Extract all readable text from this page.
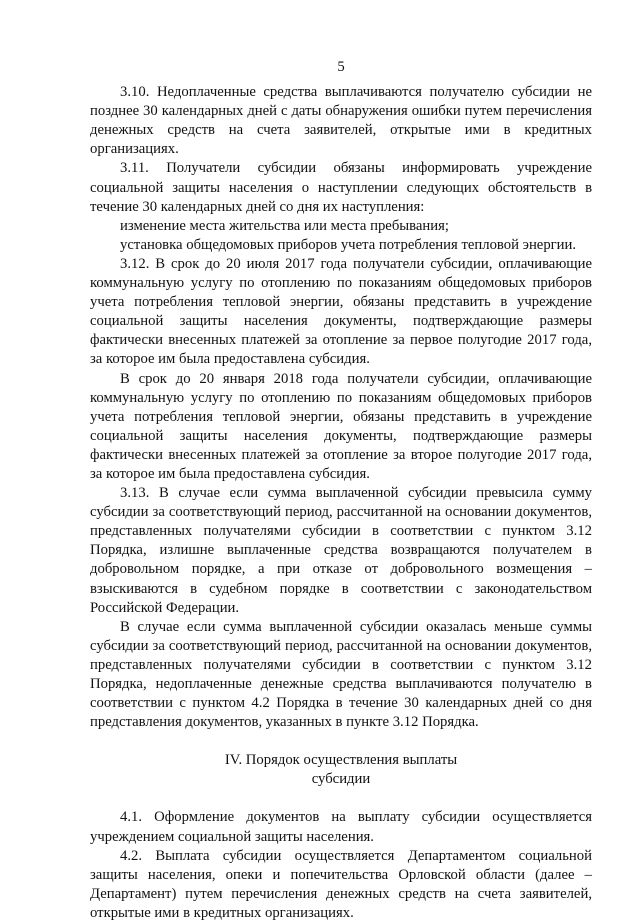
5

3.10. Недоплаченные средства выплачиваются получателю субсидии не позднее 30 календарных дней с даты обнаружения ошибки путем перечисления денежных средств на счета заявителей, открытые ими в кредитных организациях.

3.11. Получатели субсидии обязаны информировать учреждение социальной защиты населения о наступлении следующих обстоятельств в течение 30 календарных дней со дня их наступления:

изменение места жительства или места пребывания;

установка общедомовых приборов учета потребления тепловой энергии.

3.12. В срок до 20 июля 2017 года получатели субсидии, оплачивающие коммунальную услугу по отоплению по показаниям общедомовых приборов учета потребления тепловой энергии, обязаны представить в учреждение социальной защиты населения документы, подтверждающие размеры фактически внесенных платежей за отопление за первое полугодие 2017 года, за которое им была предоставлена субсидия.

В срок до 20 января 2018 года получатели субсидии, оплачивающие коммунальную услугу по отоплению по показаниям общедомовых приборов учета потребления тепловой энергии, обязаны представить в учреждение социальной защиты населения документы, подтверждающие размеры фактически внесенных платежей за отопление за второе полугодие 2017 года, за которое им была предоставлена субсидия.

3.13. В случае если сумма выплаченной субсидии превысила сумму субсидии за соответствующий период, рассчитанной на основании документов, представленных получателями субсидии в соответствии с пунктом 3.12 Порядка, излишне выплаченные средства возвращаются получателем в добровольном порядке, а при отказе от добровольного возмещения – взыскиваются в судебном порядке в соответствии с законодательством Российской Федерации.

В случае если сумма выплаченной субсидии оказалась меньше суммы субсидии за соответствующий период, рассчитанной на основании документов, представленных получателями субсидии в соответствии с пунктом 3.12 Порядка, недоплаченные денежные средства выплачиваются получателю в соответствии с пунктом 4.2 Порядка в течение 30 календарных дней со дня представления документов, указанных в пункте 3.12 Порядка.

IV. Порядок осуществления выплаты
субсидии

4.1. Оформление документов на выплату субсидии осуществляется учреждением социальной защиты населения.

4.2. Выплата субсидии осуществляется Департаментом социальной защиты населения, опеки и попечительства Орловской области (далее – Департамент) путем перечисления денежных средств на счета заявителей, открытые ими в кредитных организациях.
